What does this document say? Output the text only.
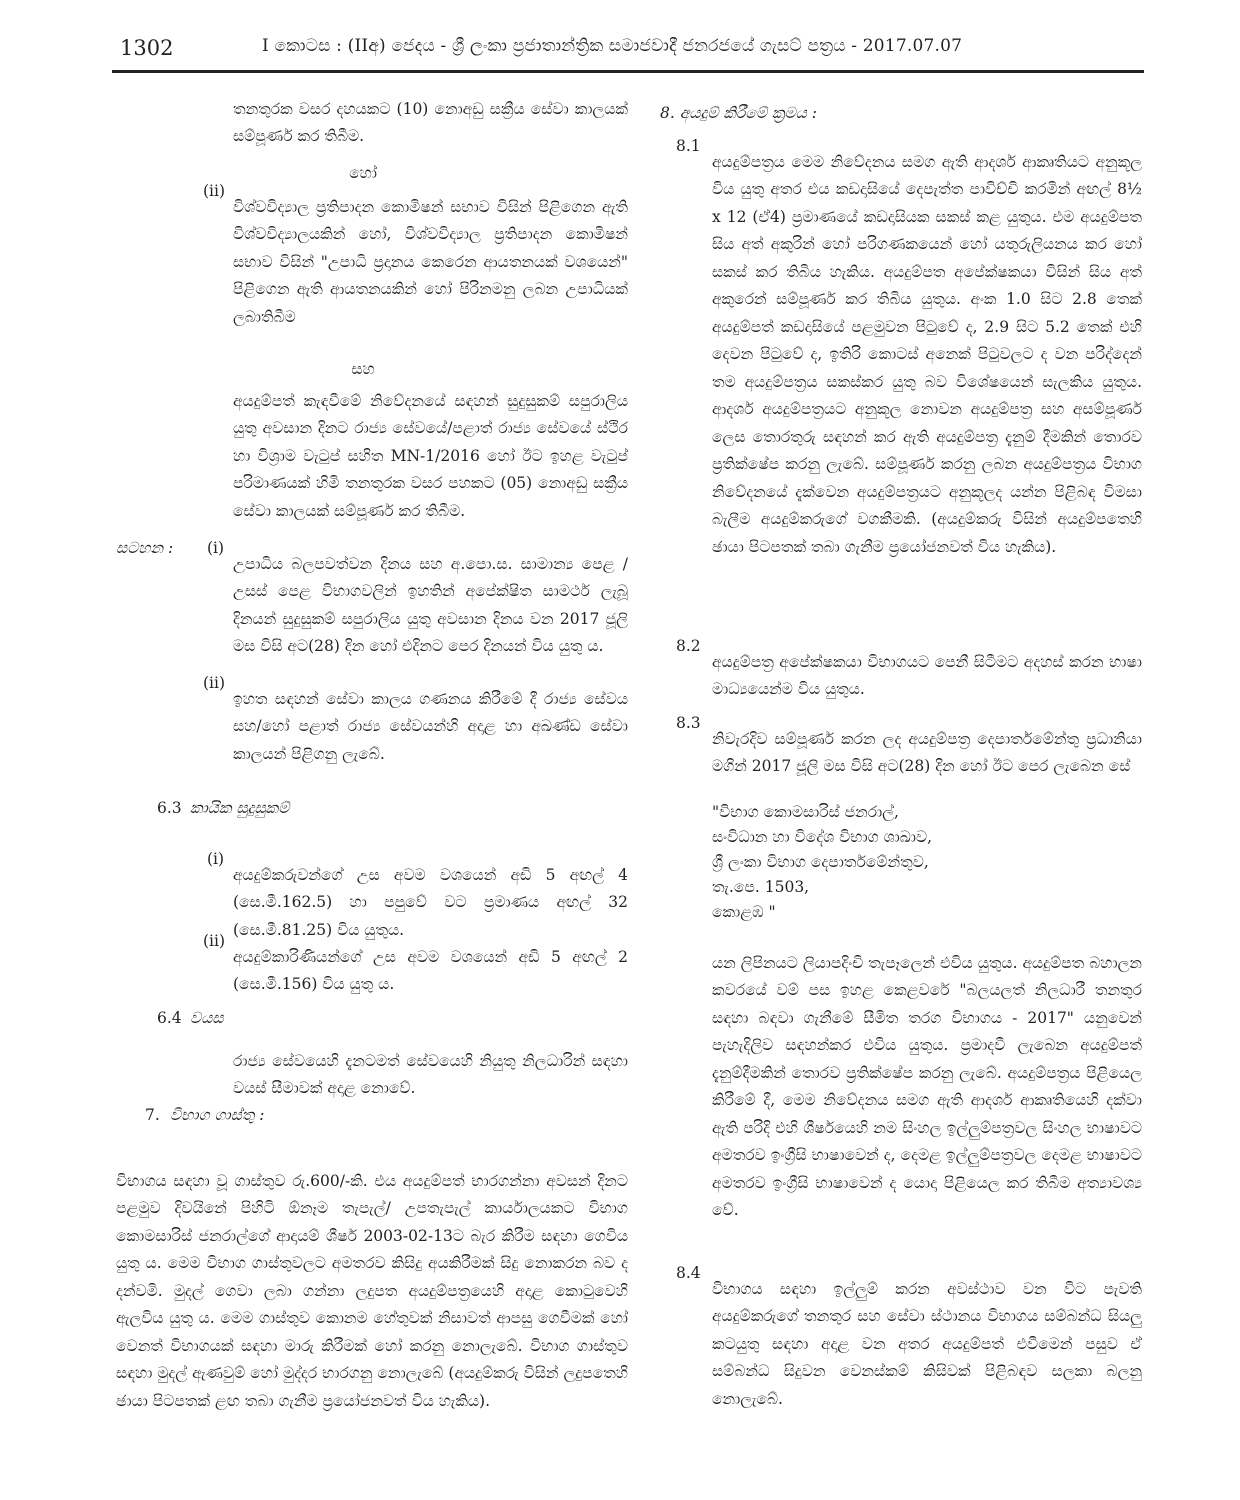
1302	I කොටස : (IIඅ) ජෙදය - ශ්‍රී ලංකා ප්‍රජාතාන්ත්‍රික සමාජවාදී ජනරජයේ ගැසට් පත්‍රය - 2017.07.07

තනතුරක වසර දහයකට (10) නොඅඩු සක්‍රීය සේවා කාලයක් සම්පූර්ණ කර තිබීම.

හෝ

(ii)

විශ්වවිද්‍යාල ප්‍රතිපාදන කොමිෂන් සභාව විසින් පිළිගෙන ඇති විශ්වවිද්‍යාලයකින් හෝ, විශ්වවිද්‍යාල ප්‍රතිපාදන කොමිෂන් සභාව විසින් "උපාධි ප්‍රදානය කෙරෙන ආයතනයක් වශයෙන්" පිළිගෙන ඇති ආයතනයකින් හෝ පිරිනමනු ලබන උපාධියක් ලබාතිබීම

සහ

අයදුම්පත් කැඳවීමේ නිවේදනයේ සඳහන් සුදුසුකම් සපුරාලිය යුතු අවසාන දිනට රාජ්‍ය සේවයේ/පළාත් රාජ්‍ය සේවයේ ස්ථිර හා විශ්‍රාම වැටුප් සහිත MN-1/2016 හෝ ඊට ඉහළ වැටුප් පරිමාණයක් හිමි තනතුරක වසර පහකට (05) නොඅඩු සක්‍රීය සේවා කාලයක් සම්පූර්ණ කර තිබීම.

සටහන : (i)

උපාධිය බලපවත්වන දිනය සහ අ.පො.ස. සාමාන්‍ය පෙළ /උසස් පෙළ විභාගවලින් ඉහතින් අපේක්ෂිත සාමර්ථ ලැබූ දිනයන් සුදුසුකම් සපුරාලිය යුතු අවසාන දිනය වන 2017 ජූලි මස විසි අට(28) දින හෝ එදිනට පෙර දිනයන් විය යුතු ය.

(ii)

ඉහත සඳහන් සේවා කාලය ගණනය කිරීමේ දී රාජ්‍ය සේවය සහ/හෝ පළාත් රාජ්‍ය සේවයන්හි අදාළ හා අඛණ්ඩ සේවා කාලයන් පිළිගනු ලැබේ.

6.3 කායික සුදුසුකම්
(i)

අයදුම්කරුවන්ගේ උස අවම වශයෙන් අඩි 5 අඟල් 4 (සෙ.මී.162.5) හා පපුවේ වට ප්‍රමාණය අඟල් 32 (සෙ.මී.81.25) විය යුතුය.

(ii)

අයදුම්කාරිණියන්ගේ උස අවම වශයෙන් අඩි 5 අඟල් 2 (සෙ.මී.156) විය යුතු ය.

6.4 වයස

රාජ්‍ය සේවයෙහි දැනටමත් සේවයෙහි නියුතු නිලධාරින් සඳහා වයස් සීමාවක් අදාළ නොවේ.

7. විභාග ගාස්තු :

විභාගය සඳහා වූ ගාස්තුව රු.600/-කි. එය අයදුම්පත් භාරගන්නා අවසන් දිනට පළමුව දිවයිනේ පිහිටි ඕනෑම තැපැල්/ උපතැපැල් කාර්යාලයකට විභාග කොමසාරිස් ජනරාල්ගේ ආදායම් ශීර්ෂ 2003-02-13ට බැර කිරීම සඳහා ගෙවිය යුතු ය. මෙම විභාග ගාස්තුවලට අමතරව කිසිදු අයකිරීමක් සිදු නොකරන බව ද දන්වමි. මුදල් ගෙවා ලබා ගන්නා ලදුපත අයදුම්පත්‍රයෙහි අදාළ කොටුවෙහි ඇලවිය යුතු ය. මෙම ගාස්තුව කොනම හේතුවක් නිසාවත් ආපසු ගෙවීමක් හෝ වෙනත් විභාගයක් සඳහා මාරු කිරීමක් හෝ කරනු නොලැබේ. විභාග ගාස්තුව සඳහා මුදල් ඇණවුම් හෝ මුද්දර භාරගනු නොලැබේ (අයදුම්කරු විසින් ලදුපතෙහි ඡායා පිටපතක් ළඟ තබා ගැනීම ප්‍රයෝජනවත් විය හැකිය).

8. අයදුම් කිරීමේ ක්‍රමය :

8.1

අයදුම්පත්‍රය මෙම නිවේදනය සමග ඇති ආදර්ශ ආකෘතියට අනුකූල විය යුතු අතර එය කඩදාසියේ දෙපැත්ත පාවිච්චි කරමින් අඟල් 8½ x 12 (ඒ4) ප්‍රමාණයේ කඩදාසියක සකස් කළ යුතුය. එම අයදුම්පත සිය අත් අකුරින් හෝ පරිගණකයෙන් හෝ යතුරුලියනය කර හෝ සකස් කර තිබිය හැකිය. අයදුම්පත අපේක්ෂකයා විසින් සිය අත් අකුරෙන් සම්පූර්ණ කර තිබිය යුතුය. අංක 1.0 සිට 2.8 තෙක් අයදුම්පත් කඩදාසියේ පළමුවන පිටුවේ ද, 2.9 සිට 5.2 තෙක් එහි දෙවන පිටුවේ ද, ඉතිරි කොටස් අනෙක් පිටුවලට ද වන පරිද්දෙන් තම අයදුම්පත්‍රය සකස්කර යුතු බව විශේෂයෙන් සැලකිය යුතුය. ආදර්ශ අයදුම්පත්‍රයට අනුකූල නොවන අයදුම්පත්‍ර සහ අසම්පූර්ණ ලෙස තොරතුරු සඳහන් කර ඇති අයදුම්පත්‍ර දැනුම් දීමකින් තොරව ප්‍රතික්ෂේප කරනු ලැබේ. සම්පූර්ණ කරනු ලබන අයදුම්පත්‍රය විභාග නිවේදනයේ දැක්වෙන අයදුම්පත්‍රයට අනුකූලද යන්න පිළිබඳ විමසා බැලීම අයදුම්කරුගේ වගකීමකි. (අයදුම්කරු විසින් අයදුම්පතෙහි ඡායා පිටපතක් තබා ගැනීම ප්‍රයෝජනවත් විය හැකිය).

8.2

අයදුම්පත්‍ර අපේක්ෂකයා විභාගයට පෙනී සිටීමට අදහස් කරන භාෂා මාධ්‍යයෙන්ම විය යුතුය.

8.3

නිවැරදිව සම්පූර්ණ කරන ලද අයදුම්පත්‍ර දෙපාර්තමේන්තු ප්‍රධානියා මගින් 2017 ජූලි මස විසි අට(28) දින හෝ ඊට පෙර ලැබෙන සේ

"විභාග කොමසාරිස් ජනරාල්,

සංවිධාන හා විදේශ විභාග ශාඛාව,

ශ්‍රී ලංකා විභාග දෙපාර්තමේන්තුව,

තැ.පෙ. 1503,

කොළඹ "

යන ලිපිනයට ලියාපදිංචි තැපෑලෙන් එවිය යුතුය. අයදුම්පත බහාලන කවරයේ වම් පස ඉහළ කෙළවරේ "බලයලත් නිලධාරී තනතුර සඳහා බඳවා ගැනීමේ සීමිත තරග විභාගය - 2017" යනුවෙන් පැහැදිලිව සඳහන්කර එවිය යුතුය. ප්‍රමාදවී ලැබෙන අයදුම්පත් දැනුම්දීමකින් තොරව ප්‍රතික්ෂේප කරනු ලැබේ. අයදුම්පත්‍රය පිළියෙල කිරීමේ දී, මෙම නිවේදනය සමග ඇති ආදර්ශ ආකෘතියෙහි දක්වා ඇති පරිදි එහි ශීර්ෂයෙහි නම සිංහල ඉල්ලුම්පත්‍රවල සිංහල භාෂාවට අමතරව ඉංග්‍රීසි භාෂාවෙන් ද, දෙමළ ඉල්ලුම්පත්‍රවල දෙමළ භාෂාවට අමතරව ඉංග්‍රීසි භාෂාවෙන් ද යොදා පිළියෙල කර තිබීම අත්‍යාවශ්‍ය වේ.

8.4

විභාගය සඳහා ඉල්ලුම් කරන අවස්ථාව වන විට පැවති අයදුම්කරුගේ තනතුර සහ සේවා ස්ථානය විභාගය සම්බන්ධ සියලු කටයුතු සඳහා අදාළ වන අතර අයදුම්පත් එවීමෙන් පසුව ඒ සම්බන්ධ සිදුවන වෙනස්කම් කිසිවක් පිළිබඳව සලකා බලනු නොලැබේ.
